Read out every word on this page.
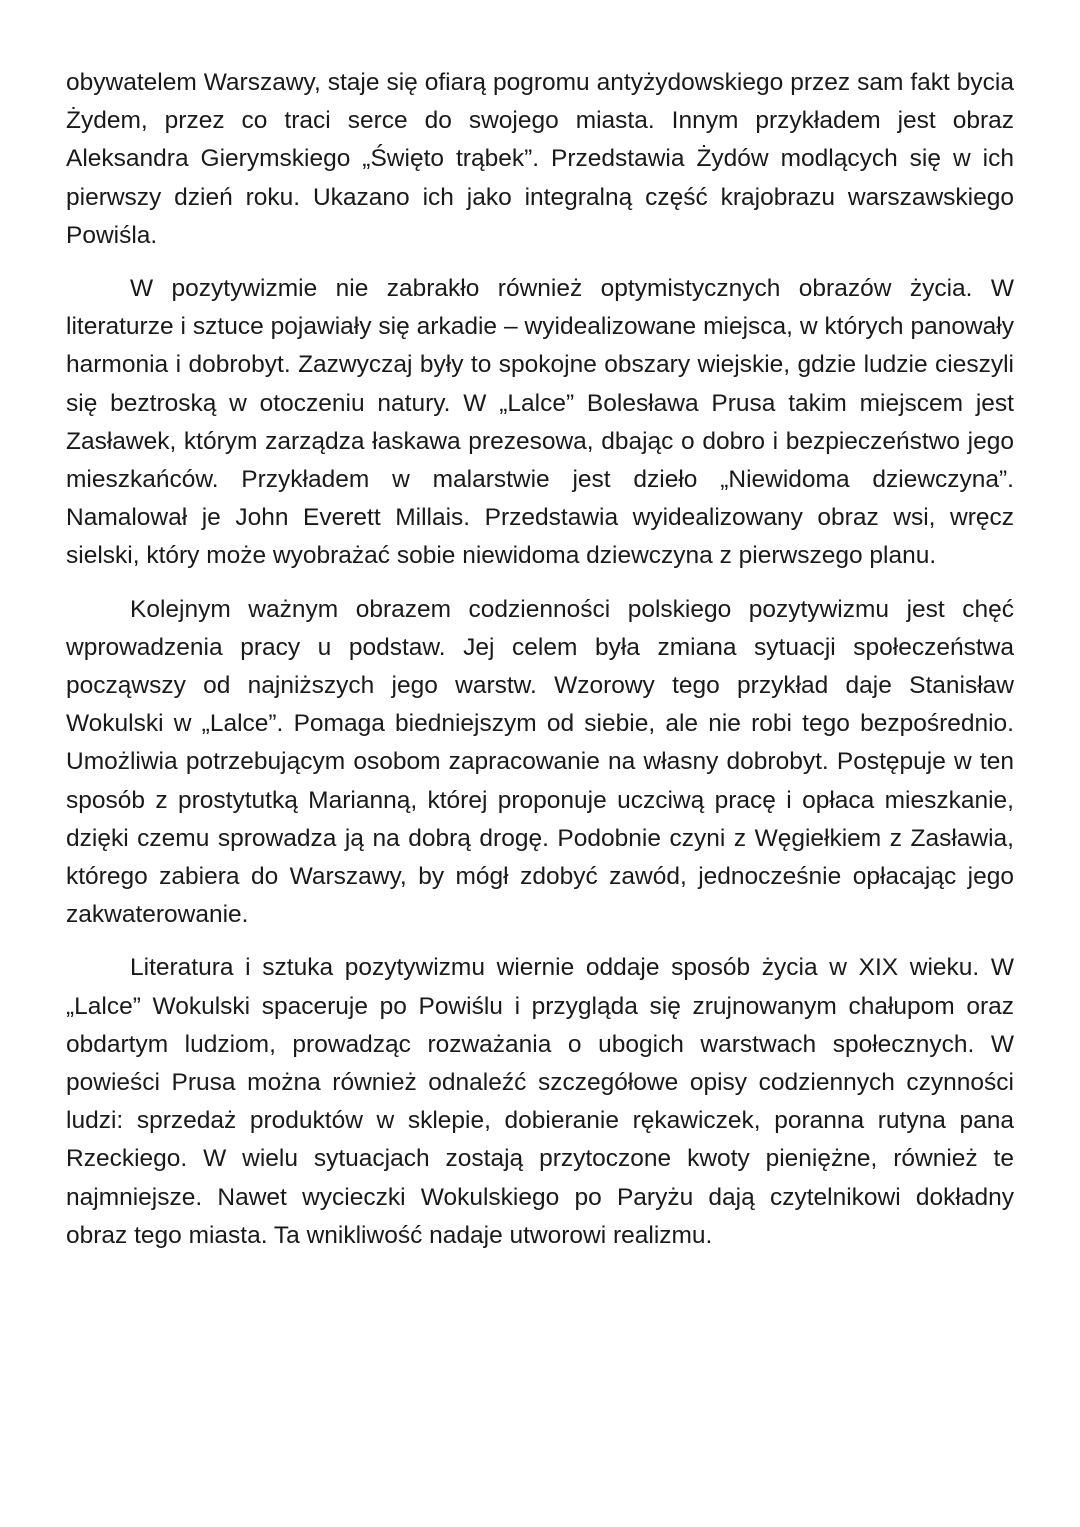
obywatelem Warszawy, staje się ofiarą pogromu antyżydowskiego przez sam fakt bycia Żydem, przez co traci serce do swojego miasta. Innym przykładem jest obraz Aleksandra Gierymskiego „Święto trąbek”. Przedstawia Żydów modlących się w ich pierwszy dzień roku. Ukazano ich jako integralną część krajobrazu warszawskiego Powiśla.

W pozytywizmie nie zabrakło również optymistycznych obrazów życia. W literaturze i sztuce pojawiały się arkadie – wyidealizowane miejsca, w których panowały harmonia i dobrobyt. Zazwyczaj były to spokojne obszary wiejskie, gdzie ludzie cieszyli się beztroską w otoczeniu natury. W „Lalce” Bolesława Prusa takim miejscem jest Zasławek, którym zarządza łaskawa prezesowa, dbając o dobro i bezpieczeństwo jego mieszkańców. Przykładem w malarstwie jest dzieło „Niewidoma dziewczyna”. Namalował je John Everett Millais. Przedstawia wyidealizowany obraz wsi, wręcz sielski, który może wyobrażać sobie niewidoma dziewczyna z pierwszego planu.

Kolejnym ważnym obrazem codzienności polskiego pozytywizmu jest chęć wprowadzenia pracy u podstaw. Jej celem była zmiana sytuacji społeczeństwa począwszy od najniższych jego warstw. Wzorowy tego przykład daje Stanisław Wokulski w „Lalce”. Pomaga biedniejszym od siebie, ale nie robi tego bezpośrednio. Umożliwia potrzebującym osobom zapracowanie na własny dobrobyt. Postępuje w ten sposób z prostytutką Marianną, której proponuje uczciwą pracę i opłaca mieszkanie, dzięki czemu sprowadza ją na dobrą drogę. Podobnie czyni z Węgiełkiem z Zasławia, którego zabiera do Warszawy, by mógł zdobyć zawód, jednocześnie opłacając jego zakwaterowanie.

Literatura i sztuka pozytywizmu wiernie oddaje sposób życia w XIX wieku. W „Lalce” Wokulski spaceruje po Powiślu i przygląda się zrujnowanym chałupom oraz obdartym ludziom, prowadząc rozważania o ubogich warstwach społecznych. W powieści Prusa można również odnaleźć szczegółowe opisy codziennych czynności ludzi: sprzedaż produktów w sklepie, dobieranie rękawiczek, poranna rutyna pana Rzeckiego. W wielu sytuacjach zostają przytoczone kwoty pieniężne, również te najmniejsze. Nawet wycieczki Wokulskiego po Paryżu dają czytelnikowi dokładny obraz tego miasta. Ta wnikliwość nadaje utworowi realizmu.
